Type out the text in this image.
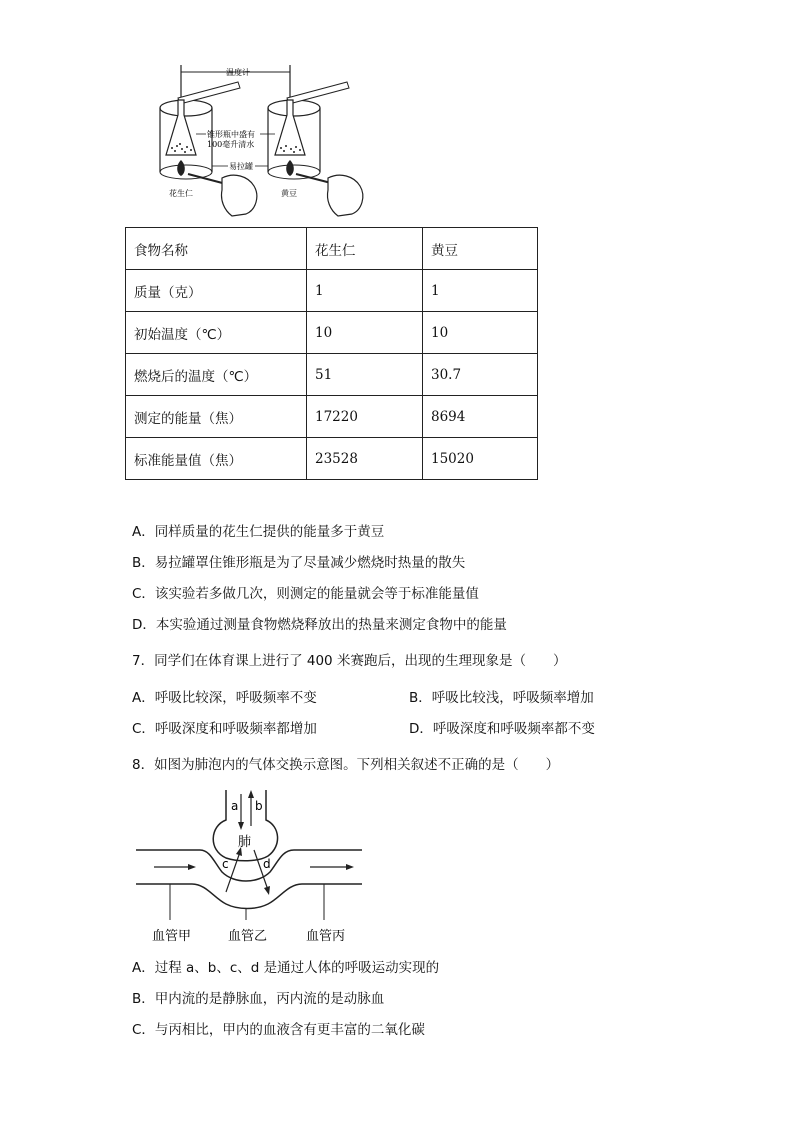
温度计
锥形瓶中盛有
100毫升清水
易拉罐
花生仁	黄豆
食物名称	花生仁	黄豆
质量（克）	1	1
初始温度（℃）	10	10
燃烧后的温度（℃）	51	30.7
测定的能量（焦）	17220	8694
标准能量值（焦）	23528	15020
A．同样质量的花生仁提供的能量多于黄豆
B．易拉罐罩住锥形瓶是为了尽量减少燃烧时热量的散失
C．该实验若多做几次，则测定的能量就会等于标准能量值
D．本实验通过测量食物燃烧释放出的热量来测定食物中的能量
7．同学们在体育课上进行了 400 米赛跑后，出现的生理现象是（　　）
A．呼吸比较深，呼吸频率不变	B．呼吸比较浅，呼吸频率增加
C．呼吸深度和呼吸频率都增加	D．呼吸深度和呼吸频率都不变
8．如图为肺泡内的气体交换示意图。下列相关叙述不正确的是（　　）
a b
c	d
肺
血管甲	血管乙	血管丙
A．过程 a、b、c、d 是通过人体的呼吸运动实现的
B．甲内流的是静脉血，丙内流的是动脉血
C．与丙相比，甲内的血液含有更丰富的二氧化碳
